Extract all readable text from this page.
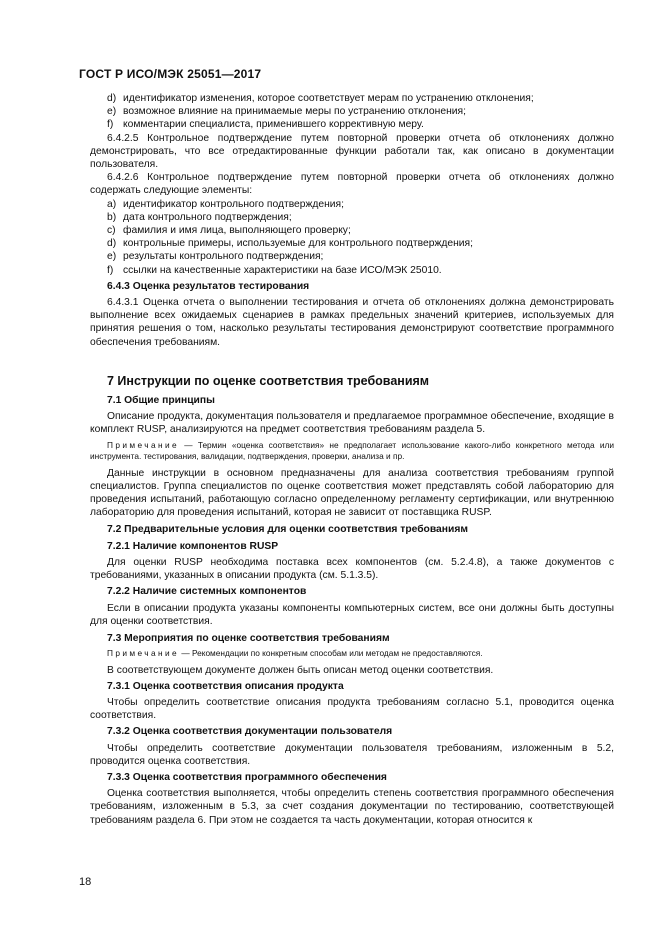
ГОСТ Р ИСО/МЭК 25051—2017
d) идентификатор изменения, которое соответствует мерам по устранению отклонения;
e) возможное влияние на принимаемые меры по устранению отклонения;
f) комментарии специалиста, применившего коррективную меру.

6.4.2.5 Контрольное подтверждение путем повторной проверки отчета об отклонениях должно демонстрировать, что все отредактированные функции работали так, как описано в документации пользователя.

6.4.2.6 Контрольное подтверждение путем повторной проверки отчета об отклонениях должно содержать следующие элементы:

a) идентификатор контрольного подтверждения;
b) дата контрольного подтверждения;
c) фамилия и имя лица, выполняющего проверку;
d) контрольные примеры, используемые для контрольного подтверждения;
e) результаты контрольного подтверждения;
f) ссылки на качественные характеристики на базе ИСО/МЭК 25010.
6.4.3 Оценка результатов тестирования

6.4.3.1 Оценка отчета о выполнении тестирования и отчета об отклонениях должна демонстрировать выполнение всех ожидаемых сценариев в рамках предельных значений критериев, используемых для принятия решения о том, насколько результаты тестирования демонстрируют соответствие программного обеспечения требованиям.

7 Инструкции по оценке соответствия требованиям
7.1 Общие принципы

Описание продукта, документация пользователя и предлагаемое программное обеспечение, входящие в комплект RUSP, анализируются на предмет соответствия требованиям раздела 5.

Примечание — Термин «оценка соответствия» не предполагает использование какого-либо конкретного метода или инструмента. тестирования, валидации, подтверждения, проверки, анализа и пр.

Данные инструкции в основном предназначены для анализа соответствия требованиям группой специалистов. Группа специалистов по оценке соответствия может представлять собой лабораторию для проведения испытаний, работающую согласно определенному регламенту сертификации, или внутреннюю лабораторию для проведения испытаний, которая не зависит от поставщика RUSP.

7.2 Предварительные условия для оценки соответствия требованиям
7.2.1 Наличие компонентов RUSP

Для оценки RUSP необходима поставка всех компонентов (см. 5.2.4.8), а также документов с требованиями, указанных в описании продукта (см. 5.1.3.5).

7.2.2 Наличие системных компонентов

Если в описании продукта указаны компоненты компьютерных систем, все они должны быть доступны для оценки соответствия.

7.3 Мероприятия по оценке соответствия требованиям

Примечание — Рекомендации по конкретным способам или методам не предоставляются.

В соответствующем документе должен быть описан метод оценки соответствия.

7.3.1 Оценка соответствия описания продукта

Чтобы определить соответствие описания продукта требованиям согласно 5.1, проводится оценка соответствия.

7.3.2 Оценка соответствия документации пользователя

Чтобы определить соответствие документации пользователя требованиям, изложенным в 5.2, проводится оценка соответствия.

7.3.3 Оценка соответствия программного обеспечения

Оценка соответствия выполняется, чтобы определить степень соответствия программного обеспечения требованиям, изложенным в 5.3, за счет создания документации по тестированию, соответствующей требованиям раздела 6. При этом не создается та часть документации, которая относится к

18
